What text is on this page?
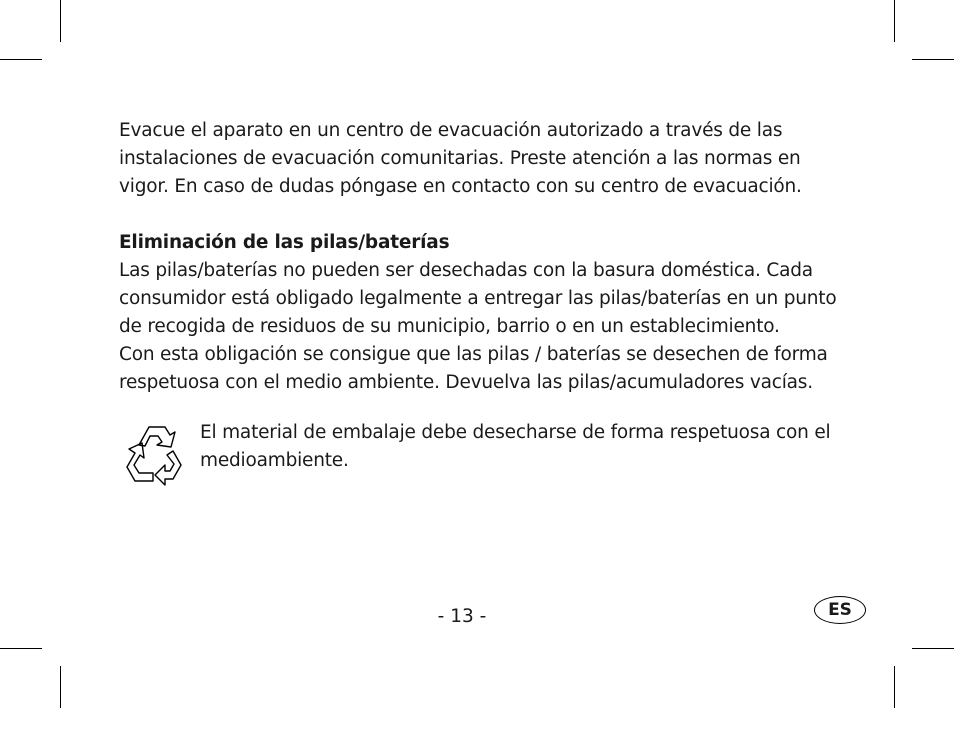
Evacue el aparato en un centro de evacuación autorizado a través de las instalaciones de evacuación comunitarias. Preste atención a las normas en vigor. En caso de dudas póngase en contacto con su centro de evacuación.

Eliminación de las pilas/baterías

Las pilas/baterías no pueden ser desechadas con la basura doméstica. Cada consumidor está obligado legalmente a entregar las pilas/baterías en un punto de recogida de residuos de su municipio, barrio o en un establecimiento.

Con esta obligación se consigue que las pilas / baterías se desechen de forma respetuosa con el medio ambiente. Devuelva las pilas/acumuladores vacías.

El material de embalaje debe desecharse de forma respetuosa con el medioambiente.

- 13 -	ES
